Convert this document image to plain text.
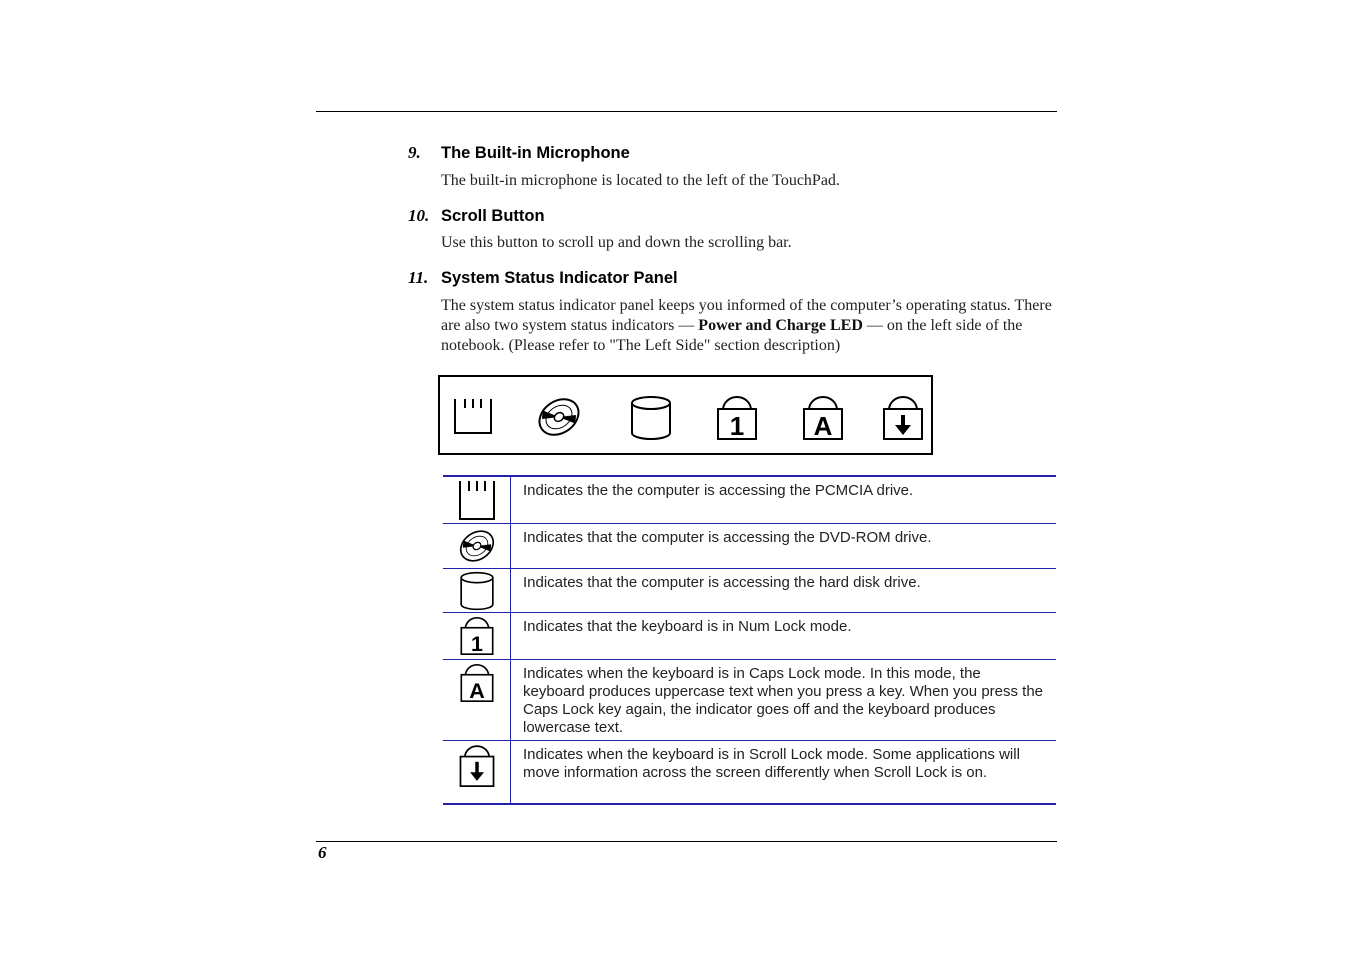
9. The Built-in Microphone
The built-in microphone is located to the left of the TouchPad.
10. Scroll Button
Use this button to scroll up and down the scrolling bar.
11. System Status Indicator Panel
The system status indicator panel keeps you informed of the computer’s operating status. There are also two system status indicators — Power and Charge LED — on the left side of the notebook. (Please refer to "The Left Side" section description)
1	A
Indicates the the computer is accessing the PCMCIA drive.
Indicates that the computer is accessing the DVD-ROM drive.
Indicates that the computer is accessing the hard disk drive.
1
Indicates that the keyboard is in Num Lock mode.
A
Indicates when the keyboard is in Caps Lock mode. In this mode, the keyboard produces uppercase text when you press a key. When you press the Caps Lock key again, the indicator goes off and the keyboard produces lowercase text.
Indicates when the keyboard is in Scroll Lock mode. Some applications will move information across the screen differently when Scroll Lock is on.
6
